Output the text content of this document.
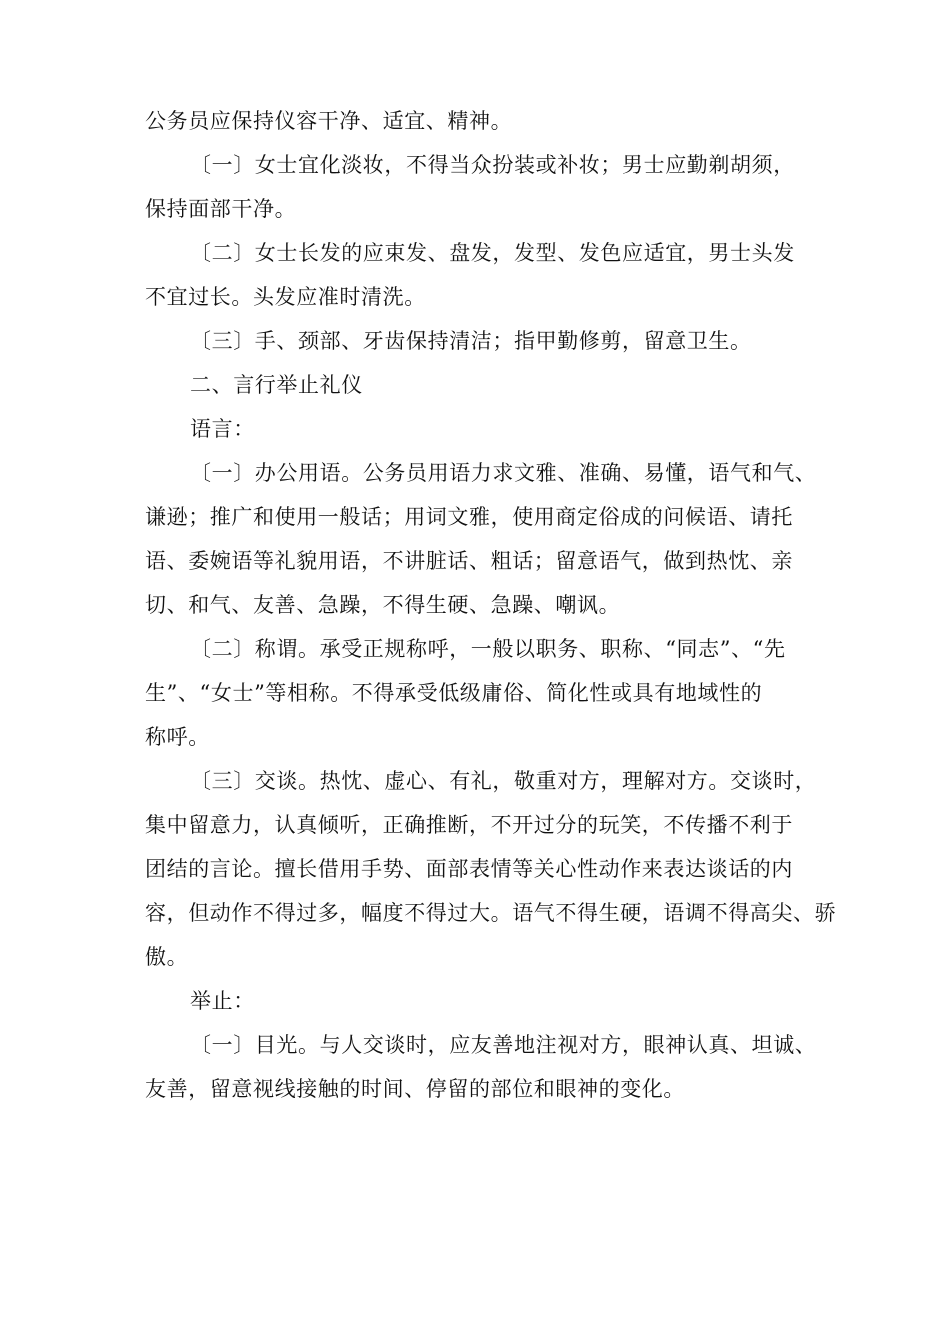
公务员应保持仪容干净、适宜、精神。
〔一〕女士宜化淡妆，不得当众扮装或补妆；男士应勤剃胡须，
保持面部干净。
〔二〕女士长发的应束发、盘发，发型、发色应适宜，男士头发
不宜过长。头发应准时清洗。
〔三〕手、颈部、牙齿保持清洁；指甲勤修剪，留意卫生。
二、言行举止礼仪
语言：
〔一〕办公用语。公务员用语力求文雅、准确、易懂，语气和气、
谦逊；推广和使用一般话；用词文雅，使用商定俗成的问候语、请托
语、委婉语等礼貌用语，不讲脏话、粗话；留意语气，做到热忱、亲
切、和气、友善、急躁，不得生硬、急躁、嘲讽。
〔二〕称谓。承受正规称呼，一般以职务、职称、“同志”、“先
生”、“女士”等相称。不得承受低级庸俗、简化性或具有地域性的
称呼。
〔三〕交谈。热忱、虚心、有礼，敬重对方，理解对方。交谈时，
集中留意力，认真倾听，正确推断，不开过分的玩笑，不传播不利于
团结的言论。擅长借用手势、面部表情等关心性动作来表达谈话的内
容，但动作不得过多，幅度不得过大。语气不得生硬，语调不得高尖、骄
傲。
举止：
〔一〕目光。与人交谈时，应友善地注视对方，眼神认真、坦诚、
友善，留意视线接触的时间、停留的部位和眼神的变化。
